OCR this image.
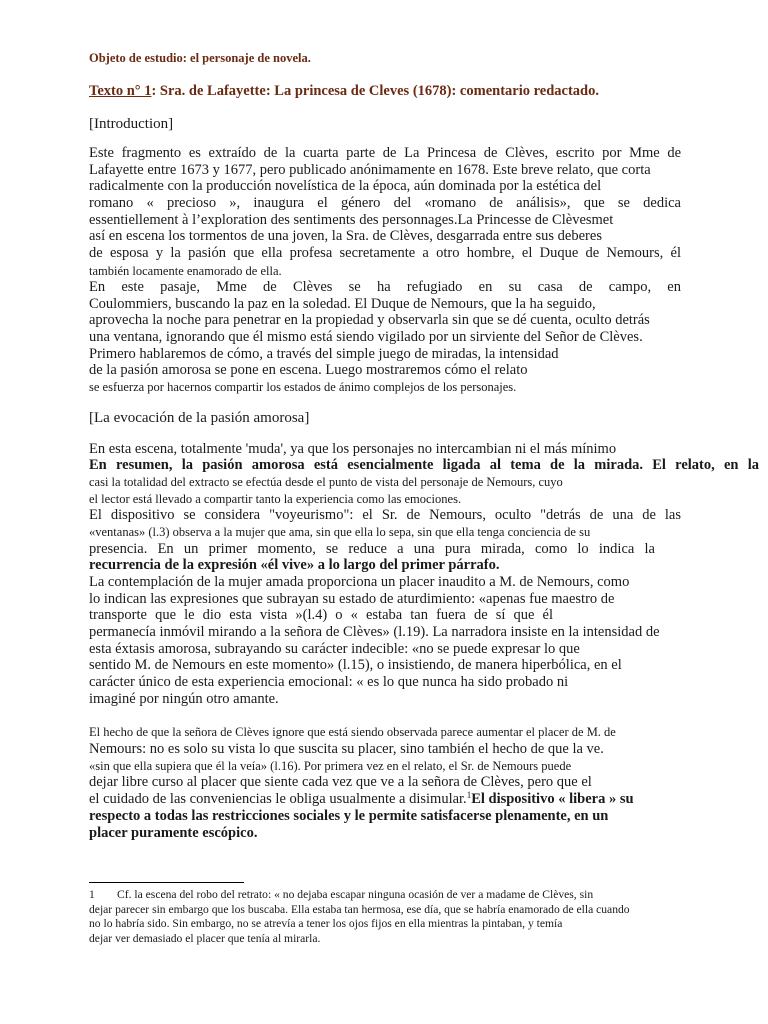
Objeto de estudio: el personaje de novela.
Texto n° 1: Sra. de Lafayette: La princesa de Cleves (1678): comentario redactado.
[Introduction]
Este fragmento es extraído de la cuarta parte de La Princesa de Clèves, escrito por Mme de
Lafayette entre 1673 y 1677, pero publicado anónimamente en 1678. Este breve relato, que corta
radicalmente con la producción novelística de la época, aún dominada por la estética del
romano « precioso », inaugura el género del «romano de análisis», que se dedica
essentiellement à l’exploration des sentiments des personnages.La Princesse de Clèvesmet
así en escena los tormentos de una joven, la Sra. de Clèves, desgarrada entre sus deberes
de esposa y la pasión que ella profesa secretamente a otro hombre, el Duque de Nemours, él
también locamente enamorado de ella.
En este pasaje, Mme de Clèves se ha refugiado en su casa de campo, en
Coulommiers, buscando la paz en la soledad. El Duque de Nemours, que la ha seguido,
aprovecha la noche para penetrar en la propiedad y observarla sin que se dé cuenta, oculto detrás
una ventana, ignorando que él mismo está siendo vigilado por un sirviente del Señor de Clèves.
Primero hablaremos de cómo, a través del simple juego de miradas, la intensidad
de la pasión amorosa se pone en escena. Luego mostraremos cómo el relato
se esfuerza por hacernos compartir los estados de ánimo complejos de los personajes.
[La evocación de la pasión amorosa]
En esta escena, totalmente 'muda', ya que los personajes no intercambian ni el más mínimo
En resumen, la pasión amorosa está esencialmente ligada al tema de la mirada. El relato, en la
casi la totalidad del extracto se efectúa desde el punto de vista del personaje de Nemours, cuyo
el lector está llevado a compartir tanto la experiencia como las emociones.
El dispositivo se considera "voyeurismo": el Sr. de Nemours, oculto "detrás de una de las
«ventanas» (l.3) observa a la mujer que ama, sin que ella lo sepa, sin que ella tenga conciencia de su
presencia. En un primer momento, se reduce a una pura mirada, como lo indica la
recurrencia de la expresión «él vive» a lo largo del primer párrafo.
La contemplación de la mujer amada proporciona un placer inaudito a M. de Nemours, como
lo indican las expresiones que subrayan su estado de aturdimiento: «apenas fue maestro de
transporte que le dio esta vista »(l.4) o « estaba tan fuera de sí que él
permanecía inmóvil mirando a la señora de Clèves» (l.19). La narradora insiste en la intensidad de
esta éxtasis amorosa, subrayando su carácter indecible: «no se puede expresar lo que
sentido M. de Nemours en este momento» (l.15), o insistiendo, de manera hiperbólica, en el
carácter único de esta experiencia emocional: « es lo que nunca ha sido probado ni
imaginé por ningún otro amante.
El hecho de que la señora de Clèves ignore que está siendo observada parece aumentar el placer de M. de
Nemours: no es solo su vista lo que suscita su placer, sino también el hecho de que la ve.
«sin que ella supiera que él la veía» (l.16). Por primera vez en el relato, el Sr. de Nemours puede
dejar libre curso al placer que siente cada vez que ve a la señora de Clèves, pero que el
el cuidado de las conveniencias le obliga usualmente a disimular.$^1$El dispositivo « libera » su
respecto a todas las restricciones sociales y le permite satisfacerse plenamente, en un
placer puramente escópico.
1 Cf. la escena del robo del retrato: « no dejaba escapar ninguna ocasión de ver a madame de Clèves, sin
dejar parecer sin embargo que los buscaba. Ella estaba tan hermosa, ese día, que se habría enamorado de ella cuando
no lo habría sido. Sin embargo, no se atrevía a tener los ojos fijos en ella mientras la pintaban, y temía
dejar ver demasiado el placer que tenía al mirarla.
